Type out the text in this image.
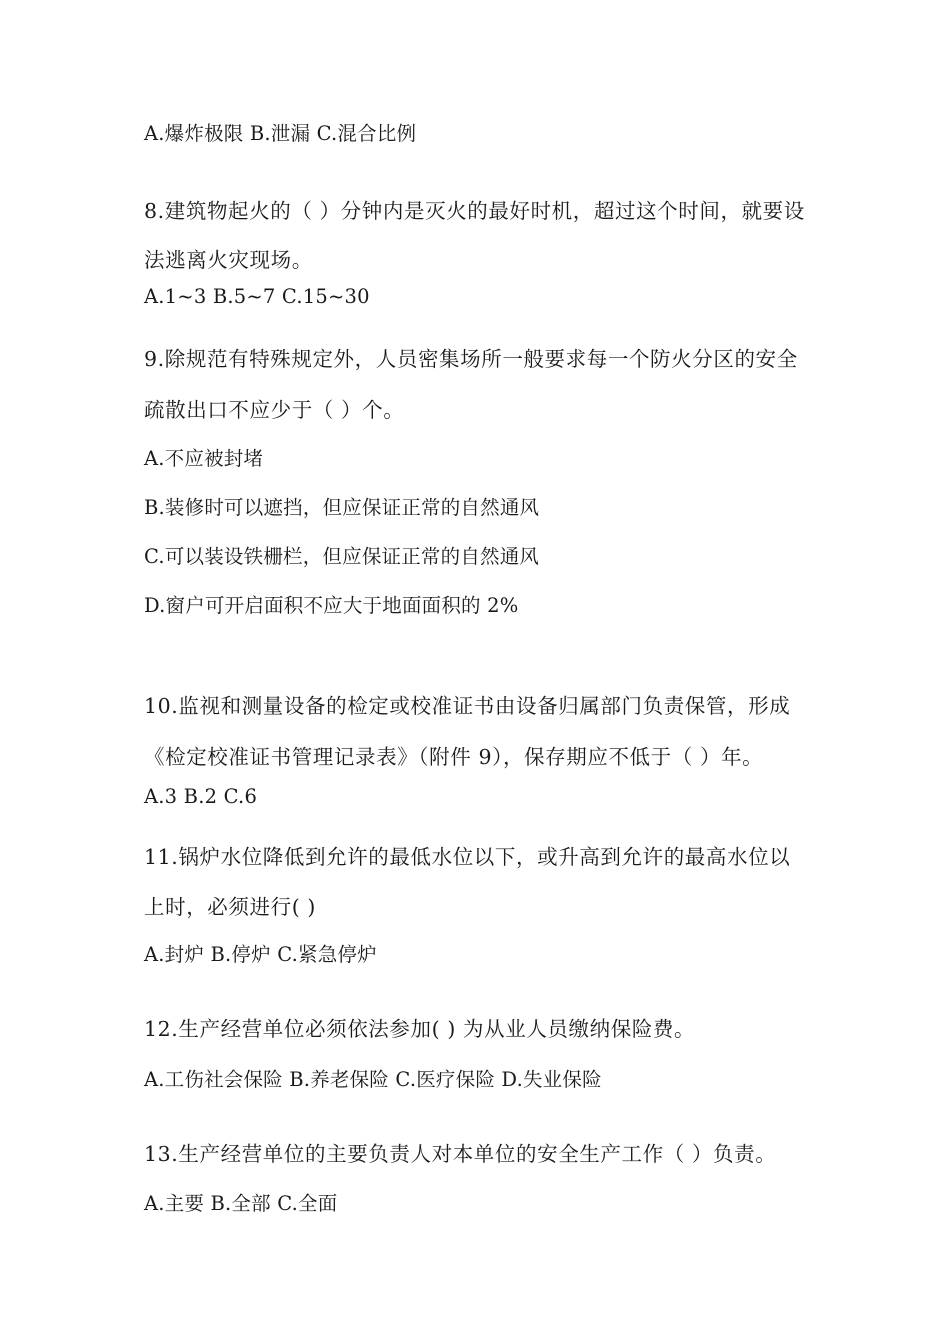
A.爆炸极限 B.泄漏 C.混合比例
8.建筑物起火的（ ）分钟内是灭火的最好时机，超过这个时间，就要设
法逃离火灾现场。
A.1~3 B.5~7 C.15~30
9.除规范有特殊规定外，人员密集场所一般要求每一个防火分区的安全
疏散出口不应少于（ ）个。
A.不应被封堵
B.装修时可以遮挡，但应保证正常的自然通风
C.可以装设铁栅栏，但应保证正常的自然通风
D.窗户可开启面积不应大于地面面积的 2%
10.监视和测量设备的检定或校准证书由设备归属部门负责保管，形成
《检定校准证书管理记录表》（附件 9），保存期应不低于（ ）年。
A.3 B.2 C.6
11.锅炉水位降低到允许的最低水位以下，或升高到允许的最高水位以
上时，必须进行( )
A.封炉 B.停炉 C.紧急停炉
12.生产经营单位必须依法参加( ) 为从业人员缴纳保险费。
A.工伤社会保险 B.养老保险 C.医疗保险 D.失业保险
13.生产经营单位的主要负责人对本单位的安全生产工作（ ）负责。
A.主要 B.全部 C.全面
